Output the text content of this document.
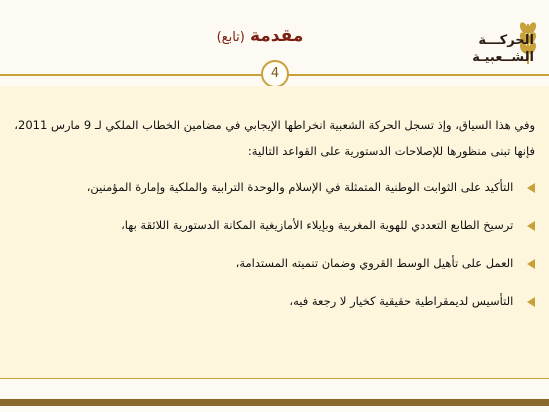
مقدمة (تابع)	الحركـــة
الشــعبيـة
4
وفي هذا السياق، وإذ تسجل الحركة الشعبية انخراطها الإيجابي في مضامين الخطاب الملكي لـ 9 مارس 2011، فإنها تبنى منظورها للإصلاحات الدستورية على القواعد التالية:
التأكيد على الثوابت الوطنية المتمثلة في الإسلام والوحدة الترابية والملكية وإمارة المؤمنين،
ترسيخ الطابع التعددي للهوية المغربية وبإيلاء الأمازيغية المكانة الدستورية اللائقة بها،
العمل على تأهيل الوسط القروي وضمان تنميته المستدامة،
التأسيس لديمقراطية حقيقية كخيار لا رجعة فيه،
